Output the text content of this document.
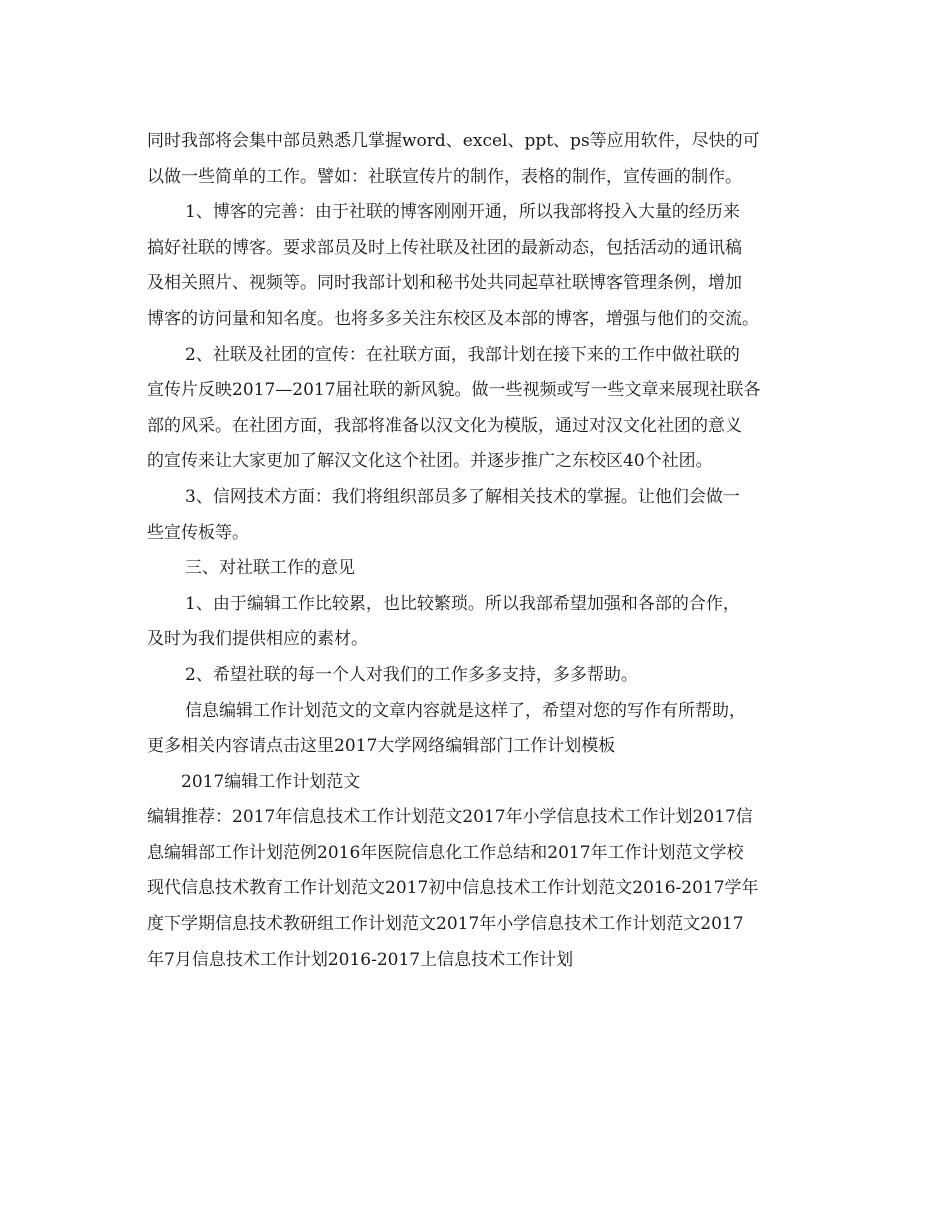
同时我部将会集中部员熟悉几掌握word、excel、ppt、ps等应用软件，尽快的可
以做一些简单的工作。譬如：社联宣传片的制作，表格的制作，宣传画的制作。
1、博客的完善：由于社联的博客刚刚开通，所以我部将投入大量的经历来
搞好社联的博客。要求部员及时上传社联及社团的最新动态，包括活动的通讯稿
及相关照片、视频等。同时我部计划和秘书处共同起草社联博客管理条例，增加
博客的访问量和知名度。也将多多关注东校区及本部的博客，增强与他们的交流。
2、社联及社团的宣传：在社联方面，我部计划在接下来的工作中做社联的
宣传片反映2017—2017届社联的新风貌。做一些视频或写一些文章来展现社联各
部的风采。在社团方面，我部将准备以汉文化为模版，通过对汉文化社团的意义
的宣传来让大家更加了解汉文化这个社团。并逐步推广之东校区40个社团。
3、信网技术方面：我们将组织部员多了解相关技术的掌握。让他们会做一
些宣传板等。
三、对社联工作的意见
1、由于编辑工作比较累，也比较繁琐。所以我部希望加强和各部的合作，
及时为我们提供相应的素材。
2、希望社联的每一个人对我们的工作多多支持，多多帮助。
信息编辑工作计划范文的文章内容就是这样了，希望对您的写作有所帮助，
更多相关内容请点击这里2017大学网络编辑部门工作计划模板
2017编辑工作计划范文
编辑推荐：2017年信息技术工作计划范文2017年小学信息技术工作计划2017信
息编辑部工作计划范例2016年医院信息化工作总结和2017年工作计划范文学校
现代信息技术教育工作计划范文2017初中信息技术工作计划范文2016-2017学年
度下学期信息技术教研组工作计划范文2017年小学信息技术工作计划范文2017
年7月信息技术工作计划2016-2017上信息技术工作计划
